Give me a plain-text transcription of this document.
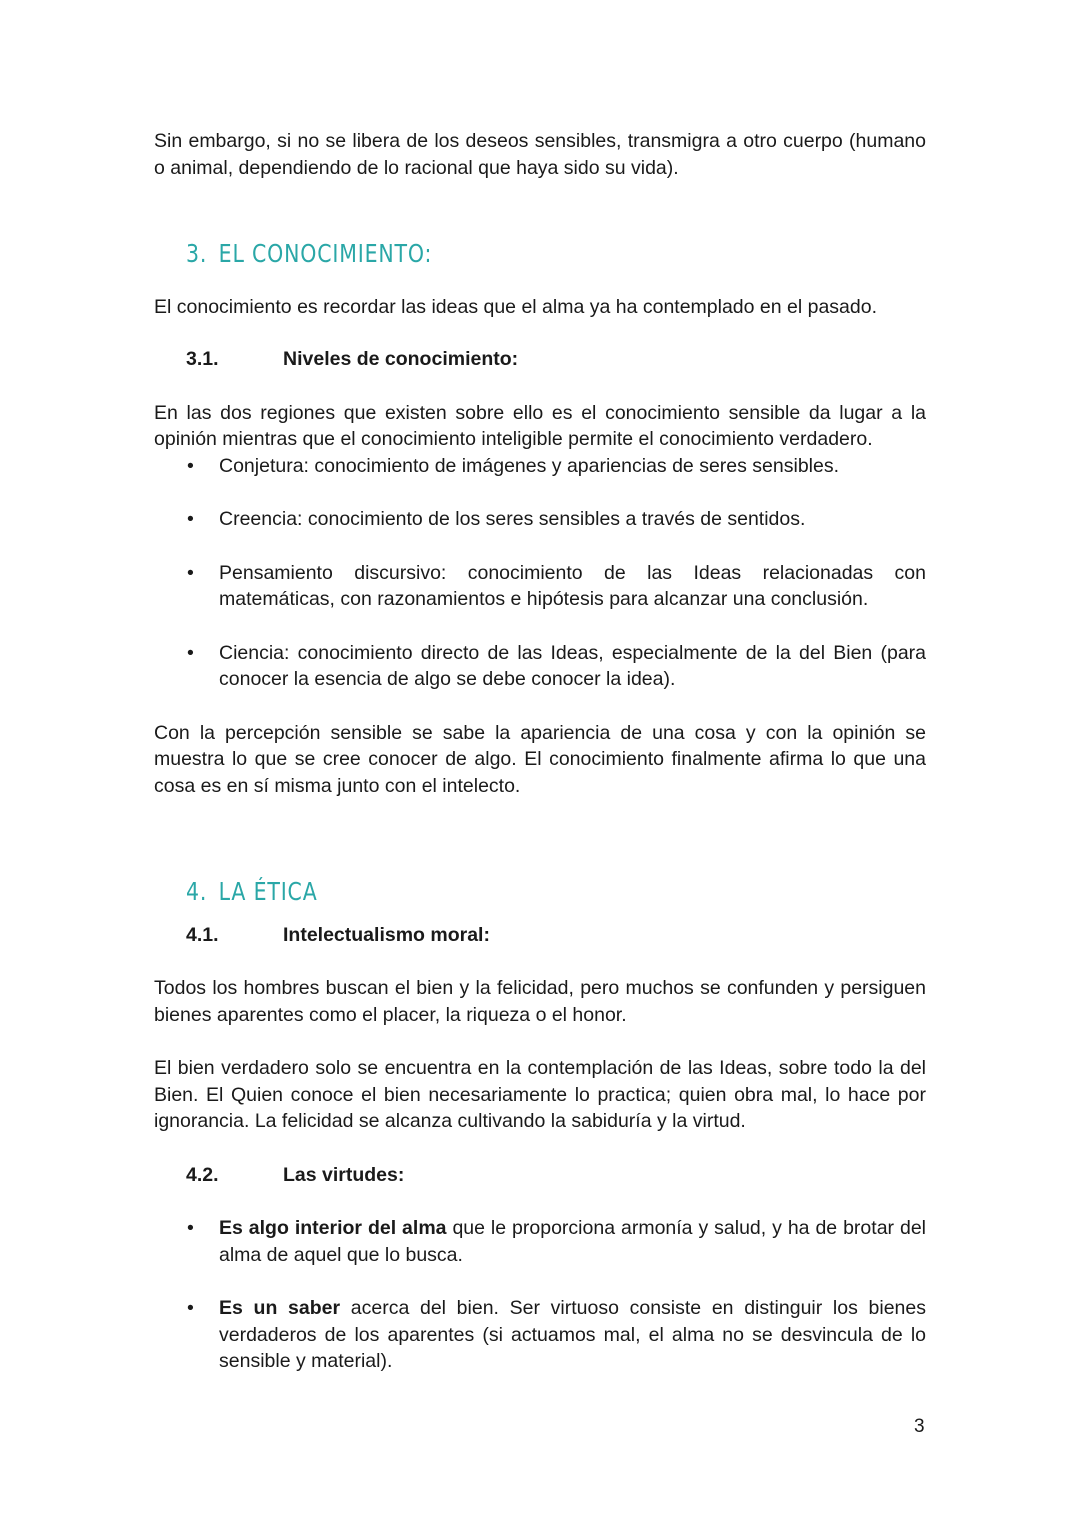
Sin embargo, si no se libera de los deseos sensibles, transmigra a otro cuerpo (humano o animal, dependiendo de lo racional que haya sido su vida).

3. EL CONOCIMIENTO:

El conocimiento es recordar las ideas que el alma ya ha contemplado en el pasado.

3.1.	Niveles de conocimiento:

En las dos regiones que existen sobre ello es el conocimiento sensible da lugar a la opinión mientras que el conocimiento inteligible permite el conocimiento verdadero.

• Conjetura: conocimiento de imágenes y apariencias de seres sensibles.
• Creencia: conocimiento de los seres sensibles a través de sentidos.
• Pensamiento discursivo: conocimiento de las Ideas relacionadas con matemáticas, con razonamientos e hipótesis para alcanzar una conclusión.
• Ciencia: conocimiento directo de las Ideas, especialmente de la del Bien (para conocer la esencia de algo se debe conocer la idea).

Con la percepción sensible se sabe la apariencia de una cosa y con la opinión se muestra lo que se cree conocer de algo. El conocimiento finalmente afirma lo que una cosa es en sí misma junto con el intelecto.

4. LA ÉTICA
4.1.	Intelectualismo moral:

Todos los hombres buscan el bien y la felicidad, pero muchos se confunden y persiguen bienes aparentes como el placer, la riqueza o el honor.

El bien verdadero solo se encuentra en la contemplación de las Ideas, sobre todo la del Bien. El Quien conoce el bien necesariamente lo practica; quien obra mal, lo hace por ignorancia. La felicidad se alcanza cultivando la sabiduría y la virtud.

4.2.	Las virtudes:
• Es algo interior del alma que le proporciona armonía y salud, y ha de brotar del alma de aquel que lo busca.
• Es un saber acerca del bien. Ser virtuoso consiste en distinguir los bienes verdaderos de los aparentes (si actuamos mal, el alma no se desvincula de lo sensible y material).
3
